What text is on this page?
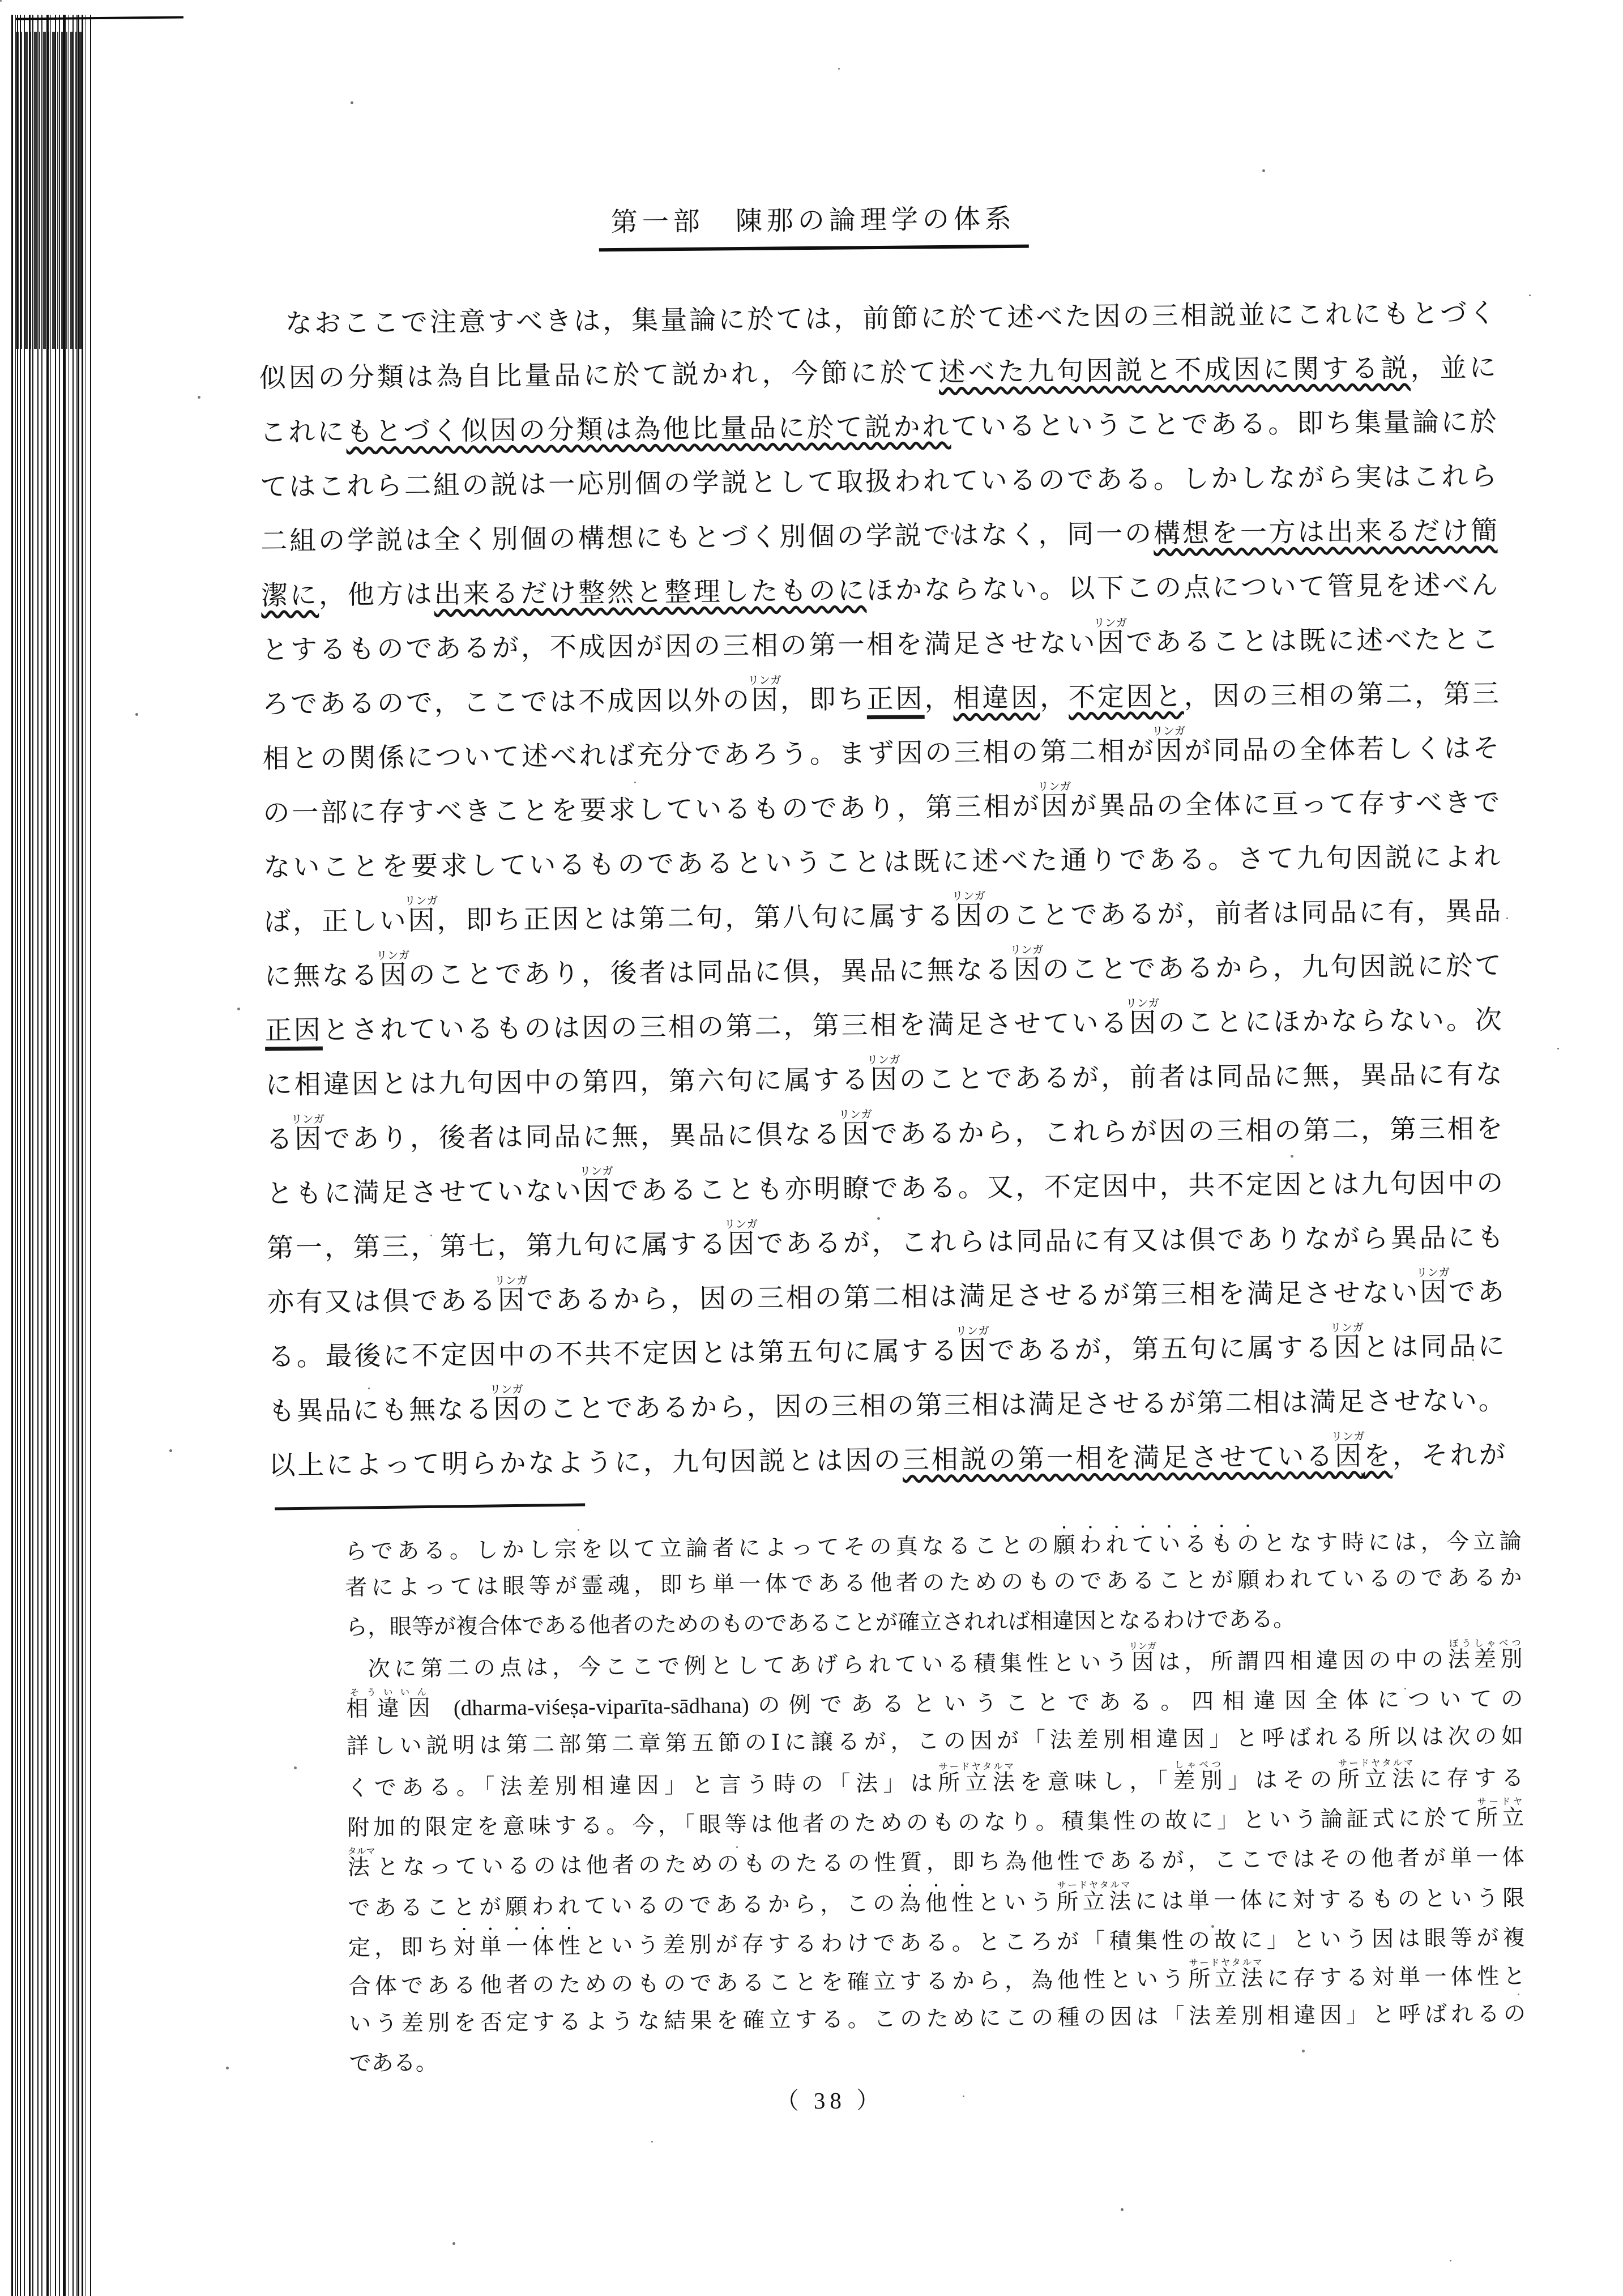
第一部　陳那の論理学の体系
なおここで注意すべきは，集量論に於ては，前節に於て述べた因の三相説並にこれにもとづく
似因の分類は為自比量品に於て説かれ，今節に於て述べた九句因説と不成因に関する説，並に
これにもとづく似因の分類は為他比量品に於て説かれているということである。即ち集量論に於
てはこれら二組の説は一応別個の学説として取扱われているのである。しかしながら実はこれら
二組の学説は全く別個の構想にもとづく別個の学説ではなく，同一の構想を一方は出来るだけ簡
潔に，他方は出来るだけ整然と整理したものにほかならない。以下この点について管見を述べん
とするものであるが，不成因が因の三相の第一相を満足させない因リンガであることは既に述べたとこ
ろであるので，ここでは不成因以外の因リンガ，即ち正因，相違因，不定因と，因の三相の第二，第三
相との関係について述べれば充分であろう。まず因の三相の第二相が因リンガが同品の全体若しくはそ
の一部に存すべきことを要求しているものであり，第三相が因リンガが異品の全体に亘って存すべきで
ないことを要求しているものであるということは既に述べた通りである。さて九句因説によれ
ば，正しい因リンガ，即ち正因とは第二句，第八句に属する因リンガのことであるが，前者は同品に有，異品
に無なる因リンガのことであり，後者は同品に倶，異品に無なる因リンガのことであるから，九句因説に於て
正因とされているものは因の三相の第二，第三相を満足させている因リンガのことにほかならない。次
に相違因とは九句因中の第四，第六句に属する因リンガのことであるが，前者は同品に無，異品に有な
る因リンガであり，後者は同品に無，異品に倶なる因リンガであるから，これらが因の三相の第二，第三相を
ともに満足させていない因リンガであることも亦明瞭である。又，不定因中，共不定因とは九句因中の
第一，第三，第七，第九句に属する因リンガであるが，これらは同品に有又は倶でありながら異品にも
亦有又は倶である因リンガであるから，因の三相の第二相は満足させるが第三相を満足させない因リンガであ
る。最後に不定因中の不共不定因とは第五句に属する因リンガであるが，第五句に属する因リンガとは同品に
も異品にも無なる因リンガのことであるから，因の三相の第三相は満足させるが第二相は満足させない。
以上によって明らかなように，九句因説とは因の三相説の第一相を満足させている因リンガを，それが
らである。しかし宗を以て立論者によってその真なることの願・わ・れ・て・い・る・も・の・となす時には，今立論
者によっては眼等が霊魂，即ち単一体である他者のためのものであることが願われているのであるか
ら，眼等が複合体である他者のためのものであることが確立されれば相違因となるわけである。
次に第二の点は，今ここで例としてあげられている積集性という因リンガは，所謂四相違因の中の法差別ぼうしゃべつ
相違因そういいん (dharma-viśeṣa-viparīta-sādhana)の例であるということである。四相違因全体についての
詳しい説明は第二部第二章第五節のⅠに譲るが，この因が「法差別相違因」と呼ばれる所以は次の如
くである。「法差別相違因」と言う時の「法」は所立法サードヤタルマを意味し，「差別しゃべつ」はその所立法サードヤタルマに存する
附加的限定を意味する。今，「眼等は他者のためのものなり。積集性の故に」という論証式に於て所立サードヤ
法タルマとなっているのは他者のためのものたるの性質，即ち為他性であるが，ここではその他者が単一体
であることが願われているのであるから，この為・他・性・という所立法サードヤタルマには単一体に対するものという限
定，即ち対・単・一・体・性・ という差別が存するわけである。ところが「積集性の故に」という因は眼等が複
合体である他者のためのものであることを確立するから，為他性という所立法サードヤタルマに存する対単一体性と
いう差別を否定するような結果を確立する。このためにこの種の因は「法差別相違因」と呼ばれるの
である。
（ 38 ）
